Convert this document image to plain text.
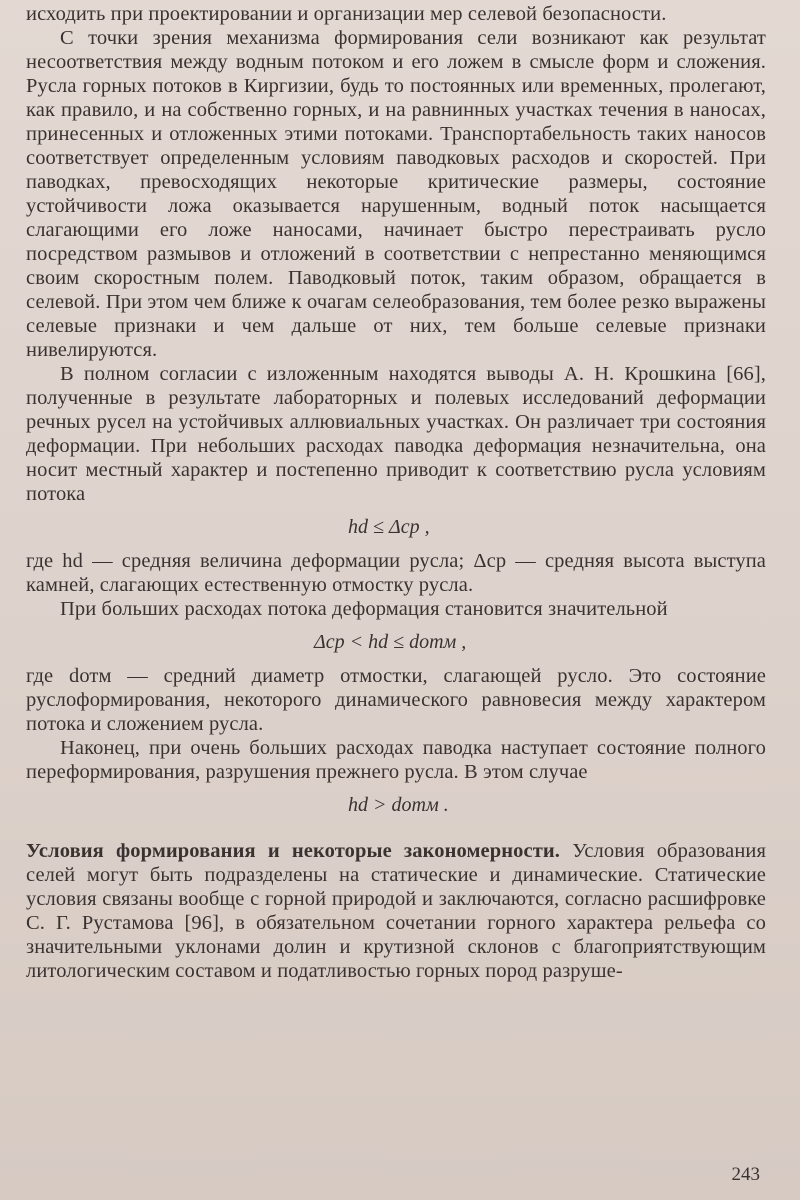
исходить при проектировании и организации мер селевой безопасности.

С точки зрения механизма формирования сели возникают как результат несоответствия между водным потоком и его ложем в смысле форм и сложения. Русла горных потоков в Киргизии, будь то постоянных или временных, пролегают, как правило, и на собственно горных, и на равнинных участках течения в наносах, принесенных и отложенных этими потоками. Транспортабельность таких наносов соответствует определенным условиям паводковых расходов и скоростей. При паводках, превосходящих некоторые критические размеры, состояние устойчивости ложа оказывается нарушенным, водный поток насыщается слагающими его ложе наносами, начинает быстро перестраивать русло посредством размывов и отложений в соответствии с непрестанно меняющимся своим скоростным полем. Паводковый поток, таким образом, обращается в селевой. При этом чем ближе к очагам селеобразования, тем более резко выражены селевые признаки и чем дальше от них, тем больше селевые признаки нивелируются.

В полном согласии с изложенным находятся выводы А. Н. Крошкина [66], полученные в результате лабораторных и полевых исследований деформации речных русел на устойчивых аллювиальных участках. Он различает три состояния деформации. При небольших расходах паводка деформация незначительна, она носит местный характер и постепенно приводит к соответствию русла условиям потока

hd ≤ Δср ,

где hd — средняя величина деформации русла; Δср — средняя высота выступа камней, слагающих естественную отмостку русла.

При больших расходах потока деформация становится значительной

Δср < hd ≤ dотм ,

где dотм — средний диаметр отмостки, слагающей русло. Это состояние руслоформирования, некоторого динамического равновесия между характером потока и сложением русла.

Наконец, при очень больших расходах паводка наступает состояние полного переформирования, разрушения прежнего русла. В этом случае

hd > dотм .

Условия формирования и некоторые закономерности. Условия образования селей могут быть подразделены на статические и динамические. Статические условия связаны вообще с горной природой и заключаются, согласно расшифровке С. Г. Рустамова [96], в обязательном сочетании горного характера рельефа со значительными уклонами долин и крутизной склонов с благоприятствующим литологическим составом и податливостью горных пород разруше-

243
